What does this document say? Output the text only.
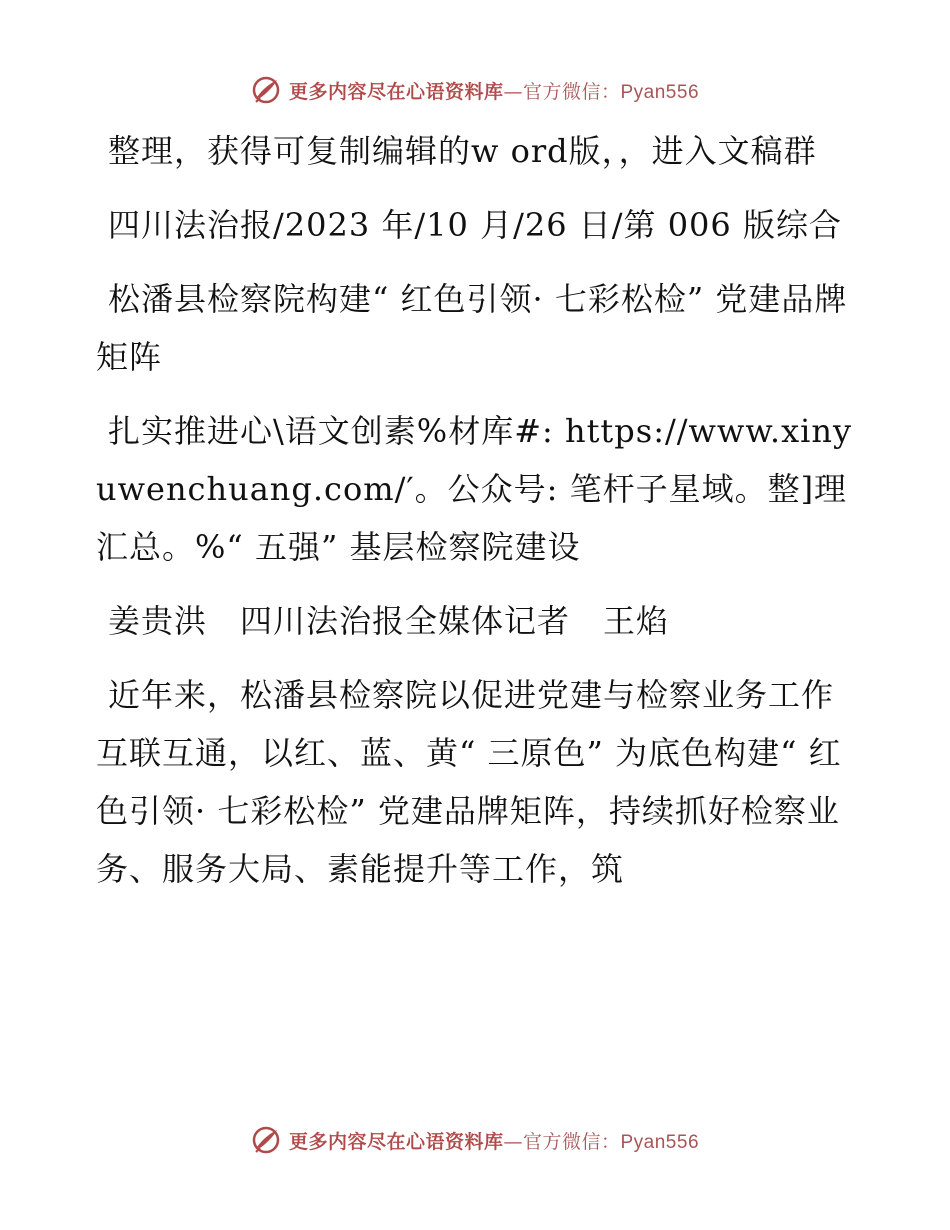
更多内容尽在心语资料库—官方微信：Pyan556

整理，获得可复制编辑的w ord版，，进入文稿群

四川法治报/2023 年/10 月/26 日/第 006 版综合

松潘县检察院构建“ 红色引领· 七彩松检” 党建品牌矩阵

扎实推进心\语文创素%材库#: https://www.xinyuwenchuang.com/′。公众号: 笔杆子星域。整]理汇总。%“ 五强” 基层检察院建设

姜贵洪　四川法治报全媒体记者　王焰

近年来，松潘县检察院以促进党建与检察业务工作互联互通，以红、蓝、黄“ 三原色” 为底色构建“ 红色引领· 七彩松检” 党建品牌矩阵，持续抓好检察业务、服务大局、素能提升等工作，筑

更多内容尽在心语资料库—官方微信：Pyan556
